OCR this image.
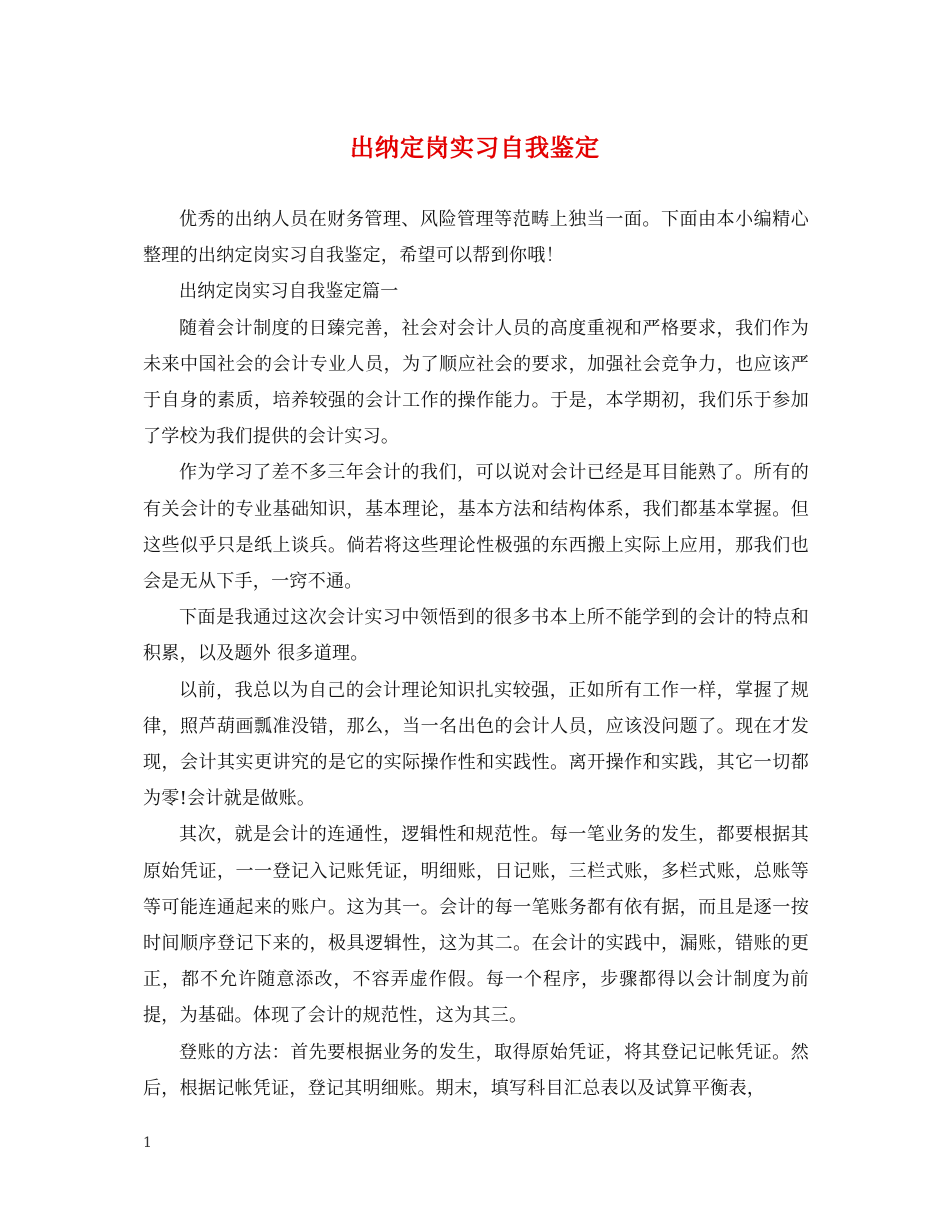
出纳定岗实习自我鉴定

优秀的出纳人员在财务管理、风险管理等范畴上独当一面。下面由本小编精心整理的出纳定岗实习自我鉴定，希望可以帮到你哦！

出纳定岗实习自我鉴定篇一

随着会计制度的日臻完善，社会对会计人员的高度重视和严格要求，我们作为未来中国社会的会计专业人员，为了顺应社会的要求，加强社会竞争力，也应该严于自身的素质，培养较强的会计工作的操作能力。于是，本学期初，我们乐于参加了学校为我们提供的会计实习。

作为学习了差不多三年会计的我们，可以说对会计已经是耳目能熟了。所有的有关会计的专业基础知识，基本理论，基本方法和结构体系，我们都基本掌握。但这些似乎只是纸上谈兵。倘若将这些理论性极强的东西搬上实际上应用，那我们也会是无从下手，一窍不通。

下面是我通过这次会计实习中领悟到的很多书本上所不能学到的会计的特点和积累，以及题外 很多道理。

以前，我总以为自己的会计理论知识扎实较强，正如所有工作一样，掌握了规律，照芦葫画瓢准没错，那么，当一名出色的会计人员，应该没问题了。现在才发现，会计其实更讲究的是它的实际操作性和实践性。离开操作和实践，其它一切都为零!会计就是做账。

其次，就是会计的连通性，逻辑性和规范性。每一笔业务的发生，都要根据其原始凭证，一一登记入记账凭证，明细账，日记账，三栏式账，多栏式账，总账等等可能连通起来的账户。这为其一。会计的每一笔账务都有依有据，而且是逐一按时间顺序登记下来的，极具逻辑性，这为其二。在会计的实践中，漏账，错账的更正，都不允许随意添改，不容弄虚作假。每一个程序，步骤都得以会计制度为前提，为基础。体现了会计的规范性，这为其三。

登账的方法：首先要根据业务的发生，取得原始凭证，将其登记记帐凭证。然后，根据记帐凭证，登记其明细账。期末，填写科目汇总表以及试算平衡表，

1
